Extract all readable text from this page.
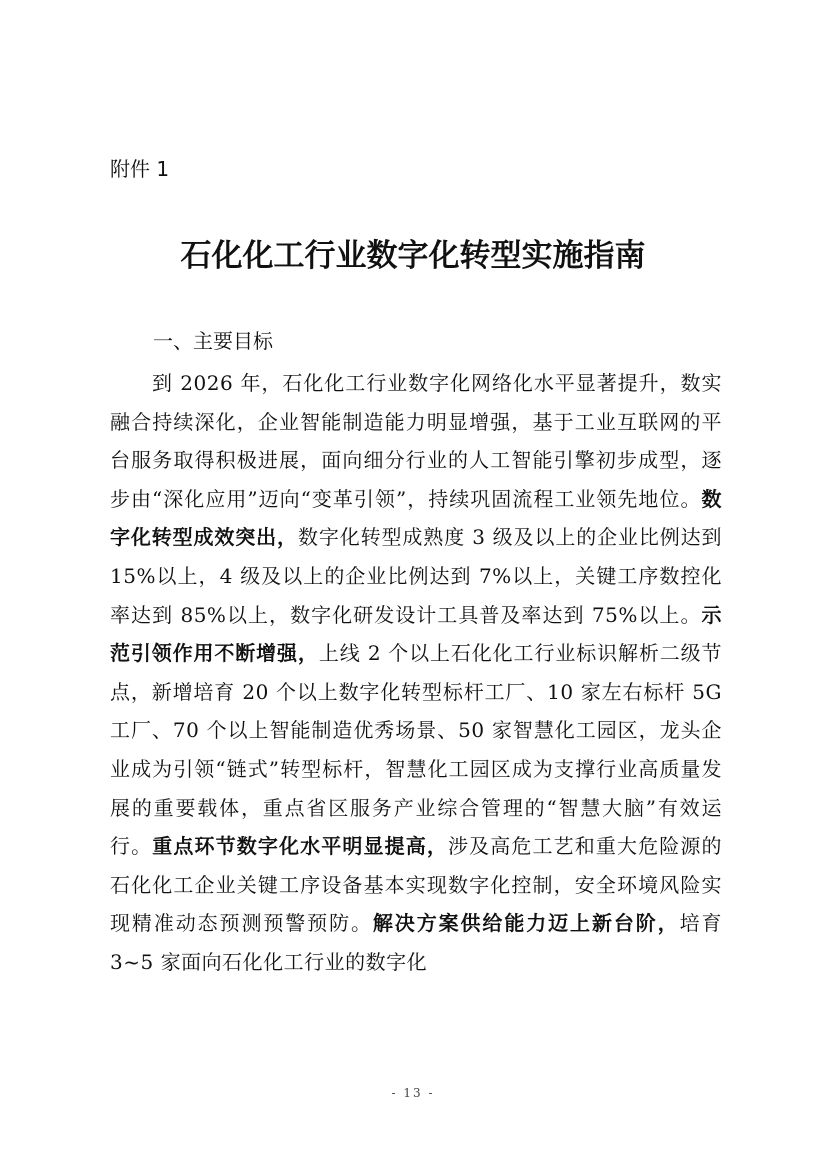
附件 1
石化化工行业数字化转型实施指南
一、主要目标

到 2026 年，石化化工行业数字化网络化水平显著提升，数实融合持续深化，企业智能制造能力明显增强，基于工业互联网的平台服务取得积极进展，面向细分行业的人工智能引擎初步成型，逐步由“深化应用”迈向“变革引领”，持续巩固流程工业领先地位。数字化转型成效突出，数字化转型成熟度 3 级及以上的企业比例达到 15%以上，4 级及以上的企业比例达到 7%以上，关键工序数控化率达到 85%以上，数字化研发设计工具普及率达到 75%以上。示范引领作用不断增强，上线 2 个以上石化化工行业标识解析二级节点，新增培育 20 个以上数字化转型标杆工厂、10 家左右标杆 5G 工厂、70 个以上智能制造优秀场景、50 家智慧化工园区，龙头企业成为引领“链式”转型标杆，智慧化工园区成为支撑行业高质量发展的重要载体，重点省区服务产业综合管理的“智慧大脑”有效运行。重点环节数字化水平明显提高，涉及高危工艺和重大危险源的石化化工企业关键工序设备基本实现数字化控制，安全环境风险实现精准动态预测预警预防。解决方案供给能力迈上新台阶，培育 3~5 家面向石化化工行业的数字化

- 13 -
